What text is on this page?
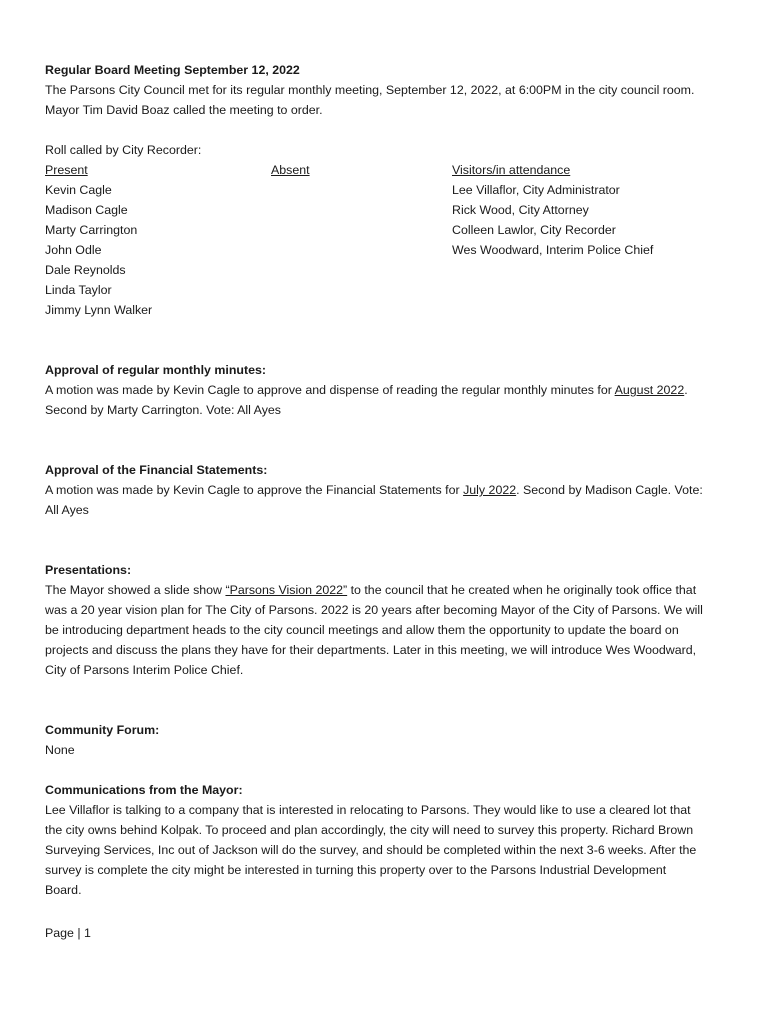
Regular Board Meeting September 12, 2022

The Parsons City Council met for its regular monthly meeting, September 12, 2022, at 6:00PM in the city council room.

Mayor Tim David Boaz called the meeting to order.

Roll called by City Recorder:

Present
Kevin Cagle
Madison Cagle
Marty Carrington
John Odle
Dale Reynolds
Linda Taylor
Jimmy Lynn Walker
Absent	Visitors/in attendance
Lee Villaflor, City Administrator
Rick Wood, City Attorney
Colleen Lawlor, City Recorder
Wes Woodward, Interim Police Chief

Approval of regular monthly minutes:

A motion was made by Kevin Cagle to approve and dispense of reading the regular monthly minutes for August 2022.

Second by Marty Carrington. Vote: All Ayes

Approval of the Financial Statements:

A motion was made by Kevin Cagle to approve the Financial Statements for July 2022. Second by Madison Cagle. Vote:

All Ayes

Presentations:

The Mayor showed a slide show “Parsons Vision 2022” to the council that he created when he originally took office that

was a 20 year vision plan for The City of Parsons. 2022 is 20 years after becoming Mayor of the City of Parsons. We will

be introducing department heads to the city council meetings and allow them the opportunity to update the board on

projects and discuss the plans they have for their departments. Later in this meeting, we will introduce Wes Woodward,

City of Parsons Interim Police Chief.

Community Forum:

None

Communications from the Mayor:

Lee Villaflor is talking to a company that is interested in relocating to Parsons. They would like to use a cleared lot that

the city owns behind Kolpak. To proceed and plan accordingly, the city will need to survey this property. Richard Brown

Surveying Services, Inc out of Jackson will do the survey, and should be completed within the next 3-6 weeks. After the

survey is complete the city might be interested in turning this property over to the Parsons Industrial Development

Board.

Page | 1
